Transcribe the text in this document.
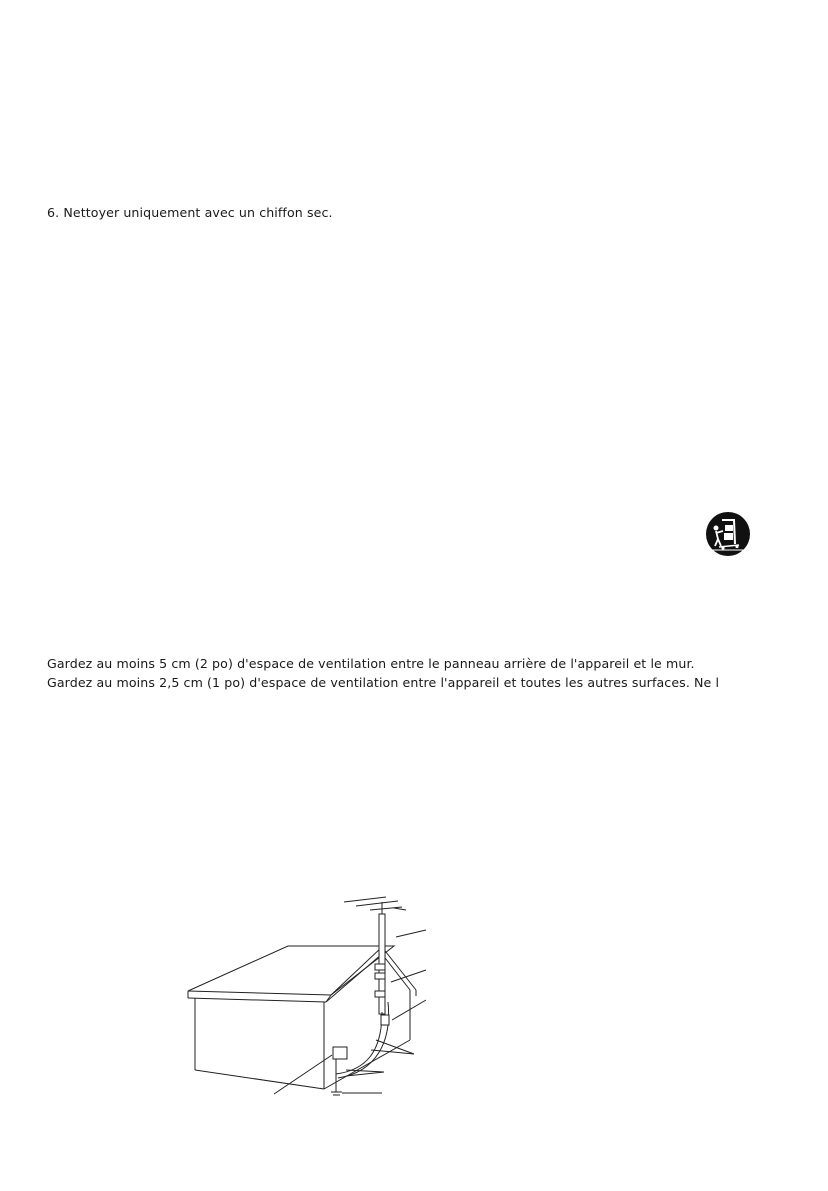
6. Nettoyer uniquement avec un chiffon sec.

Gardez au moins 5 cm (2 po) d'espace de ventilation entre le panneau arrière de l'appareil et le mur.

Gardez au moins 2,5 cm (1 po) d'espace de ventilation entre l'appareil et toutes les autres surfaces. Ne l
